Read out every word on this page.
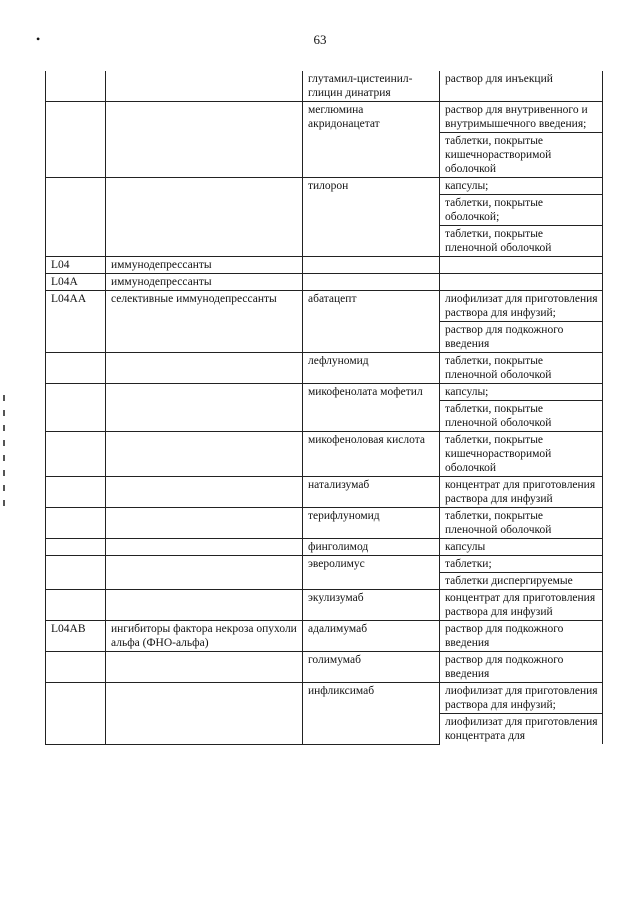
•	63
		глутамил-цистеинил-глицин динатрия	раствор для инъекций
		меглюмина акридонацетат	раствор для внутривенного и внутримышечного введения;
			таблетки, покрытые кишечнорастворимой оболочкой
		тилорон	капсулы;
			таблетки, покрытые оболочкой;
			таблетки, покрытые пленочной оболочкой
L04	иммунодепрессанты		
L04A	иммунодепрессанты		
L04AA	селективные иммунодепрессанты	абатацепт	лиофилизат для приготовления раствора для инфузий;
			раствор для подкожного введения
		лефлуномид	таблетки, покрытые пленочной оболочкой
		микофенолата мофетил	капсулы;
			таблетки, покрытые пленочной оболочкой
		микофеноловая кислота	таблетки, покрытые кишечнорастворимой оболочкой
		натализумаб	концентрат для приготовления раствора для инфузий
		терифлуномид	таблетки, покрытые пленочной оболочкой
		финголимод	капсулы
		эверолимус	таблетки;
			таблетки диспергируемые
		экулизумаб	концентрат для приготовления раствора для инфузий
L04AB	ингибиторы фактора некроза опухоли альфа (ФНО-альфа)	адалимумаб	раствор для подкожного введения
		голимумаб	раствор для подкожного введения
		инфликсимаб	лиофилизат для приготовления раствора для инфузий;
			лиофилизат для приготовления концентрата для
